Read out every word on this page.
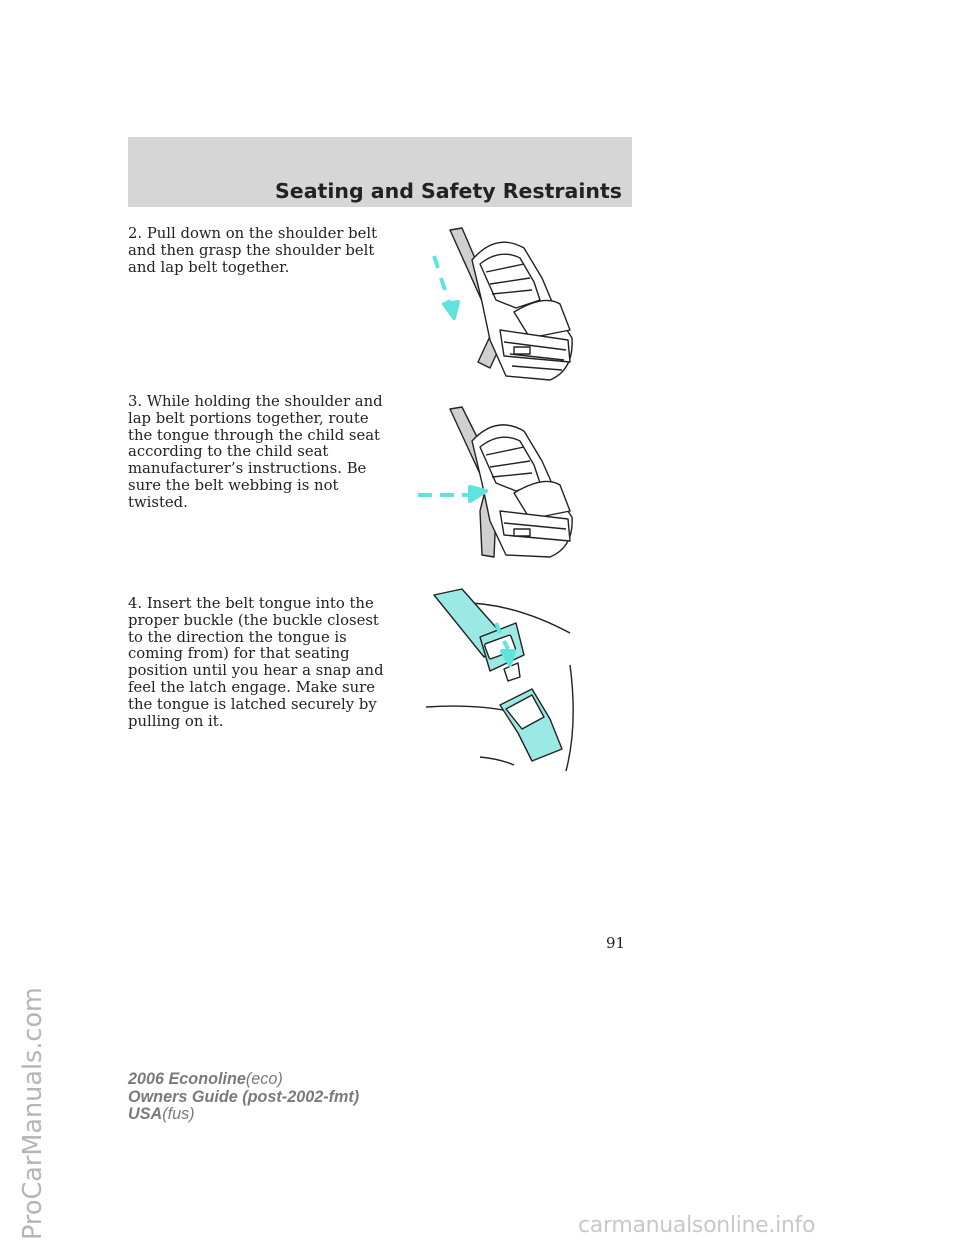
Seating and Safety Restraints

2. Pull down on the shoulder belt and then grasp the shoulder belt and lap belt together.

3. While holding the shoulder and lap belt portions together, route the tongue through the child seat according to the child seat manufacturer’s instructions. Be sure the belt webbing is not twisted.

4. Insert the belt tongue into the proper buckle (the buckle closest to the direction the tongue is coming from) for that seating position until you hear a snap and feel the latch engage. Make sure the tongue is latched securely by pulling on it.

91
2006 Econoline(eco)
Owners Guide (post-2002-fmt)
USA(fus)
ProCarManuals.com	carmanualsonline.info
